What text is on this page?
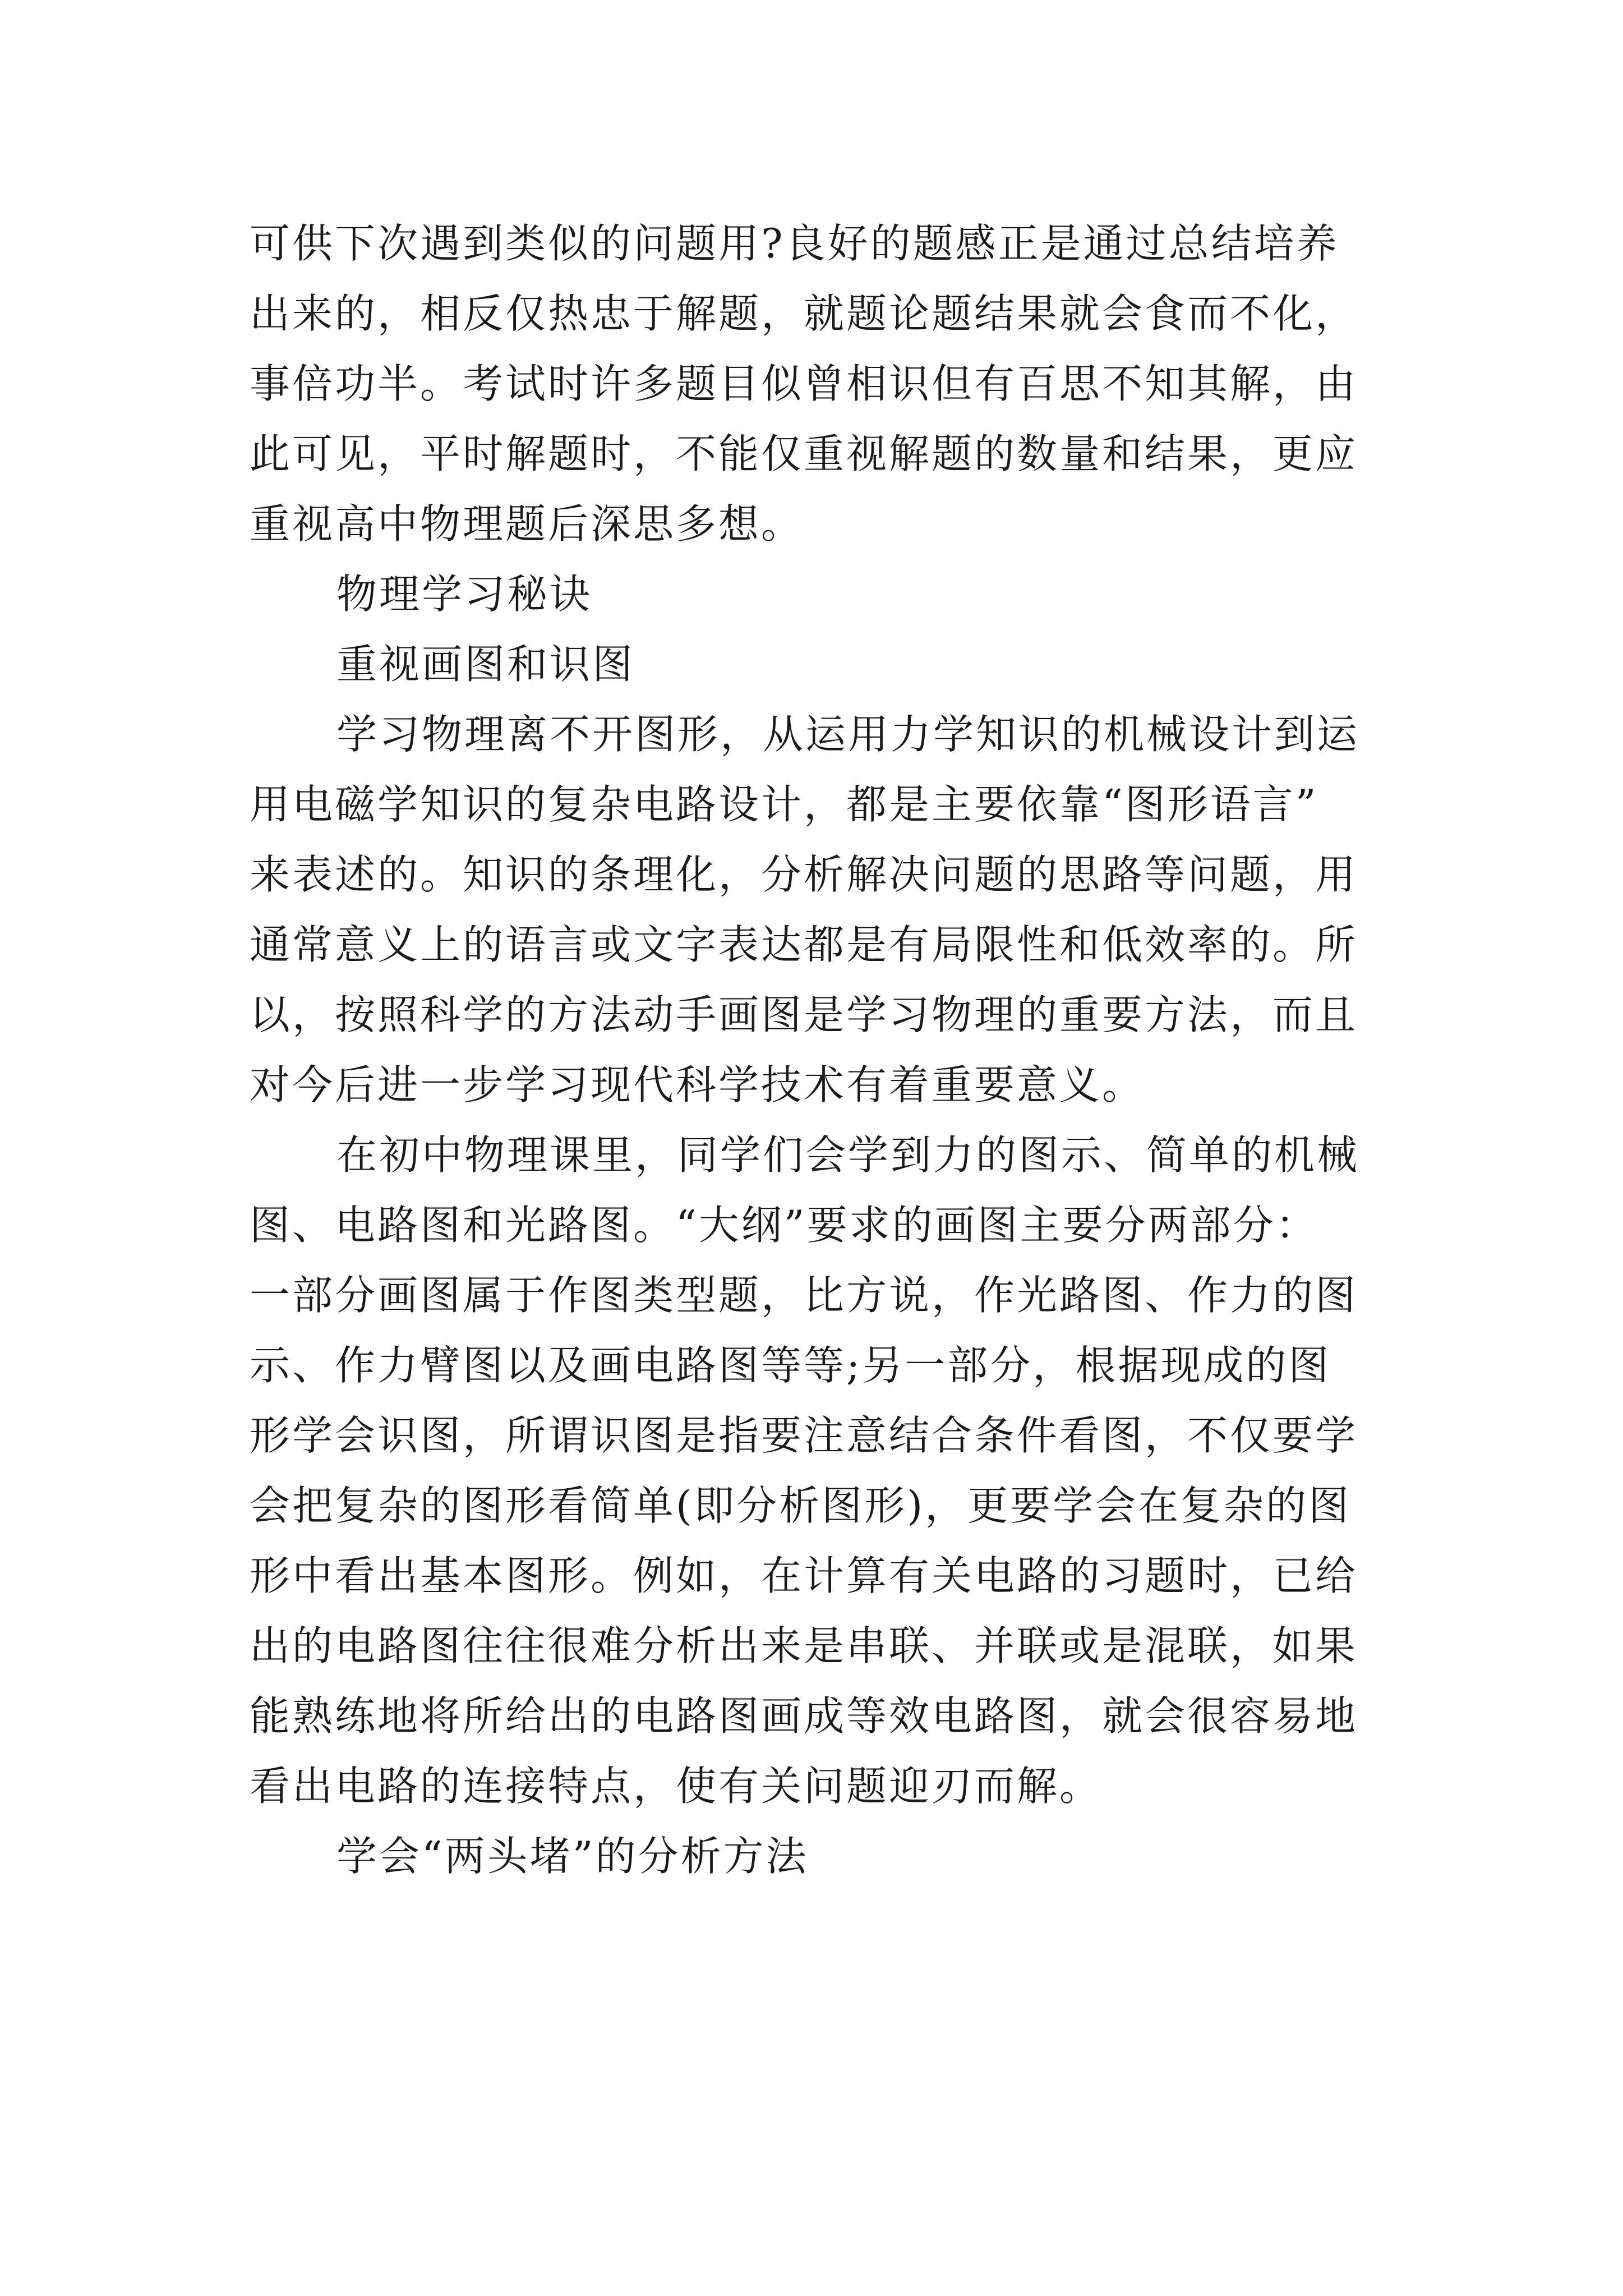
可供下次遇到类似的问题用?良好的题感正是通过总结培养
出来的，相反仅热忠于解题，就题论题结果就会食而不化，
事倍功半。考试时许多题目似曾相识但有百思不知其解，由
此可见，平时解题时，不能仅重视解题的数量和结果，更应
重视高中物理题后深思多想。
物理学习秘诀
重视画图和识图
学习物理离不开图形，从运用力学知识的机械设计到运
用电磁学知识的复杂电路设计，都是主要依靠“图形语言”
来表述的。知识的条理化，分析解决问题的思路等问题，用
通常意义上的语言或文字表达都是有局限性和低效率的。所
以，按照科学的方法动手画图是学习物理的重要方法，而且
对今后进一步学习现代科学技术有着重要意义。
在初中物理课里，同学们会学到力的图示、简单的机械
图、电路图和光路图。“大纲”要求的画图主要分两部分：
一部分画图属于作图类型题，比方说，作光路图、作力的图
示、作力臂图以及画电路图等等;另一部分，根据现成的图
形学会识图，所谓识图是指要注意结合条件看图，不仅要学
会把复杂的图形看简单(即分析图形)，更要学会在复杂的图
形中看出基本图形。例如，在计算有关电路的习题时，已给
出的电路图往往很难分析出来是串联、并联或是混联，如果
能熟练地将所给出的电路图画成等效电路图，就会很容易地
看出电路的连接特点，使有关问题迎刃而解。
学会“两头堵”的分析方法
